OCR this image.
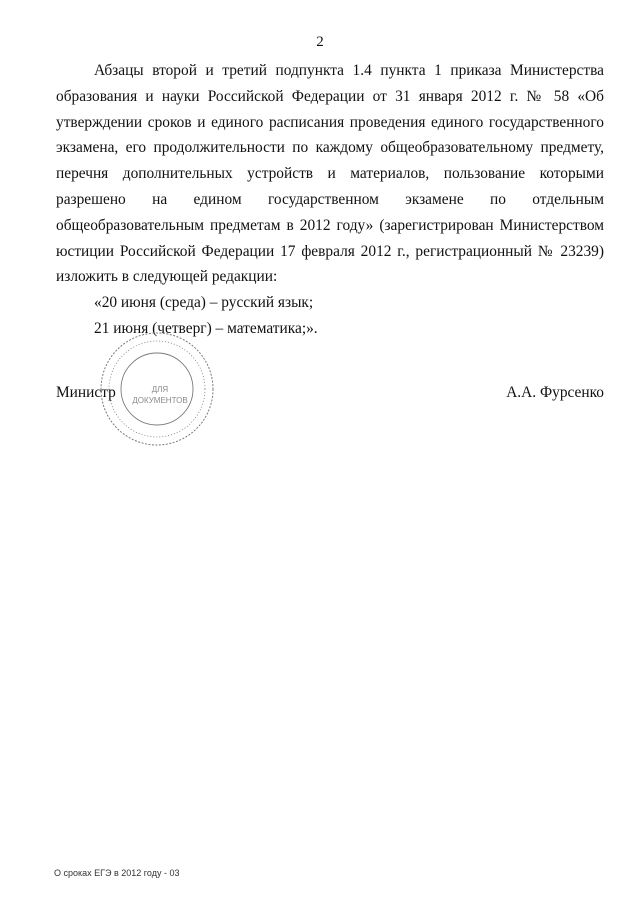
2

Абзацы второй и третий подпункта 1.4 пункта 1 приказа Министерства образования и науки Российской Федерации от 31 января 2012 г. № 58 «Об утверждении сроков и единого расписания проведения единого государственного экзамена, его продолжительности по каждому общеобразовательному предмету, перечня дополнительных устройств и материалов, пользование которыми разрешено на едином государственном экзамене по отдельным общеобразовательным предметам в 2012 году» (зарегистрирован Министерством юстиции Российской Федерации 17 февраля 2012 г., регистрационный № 23239) изложить в следующей редакции:

«20 июня (среда) – русский язык;

21 июня (четверг) – математика;».

ДЛЯ
ДОКУМЕНТОВ
Министр	А.А. Фурсенко
О сроках ЕГЭ в 2012 году - 03
